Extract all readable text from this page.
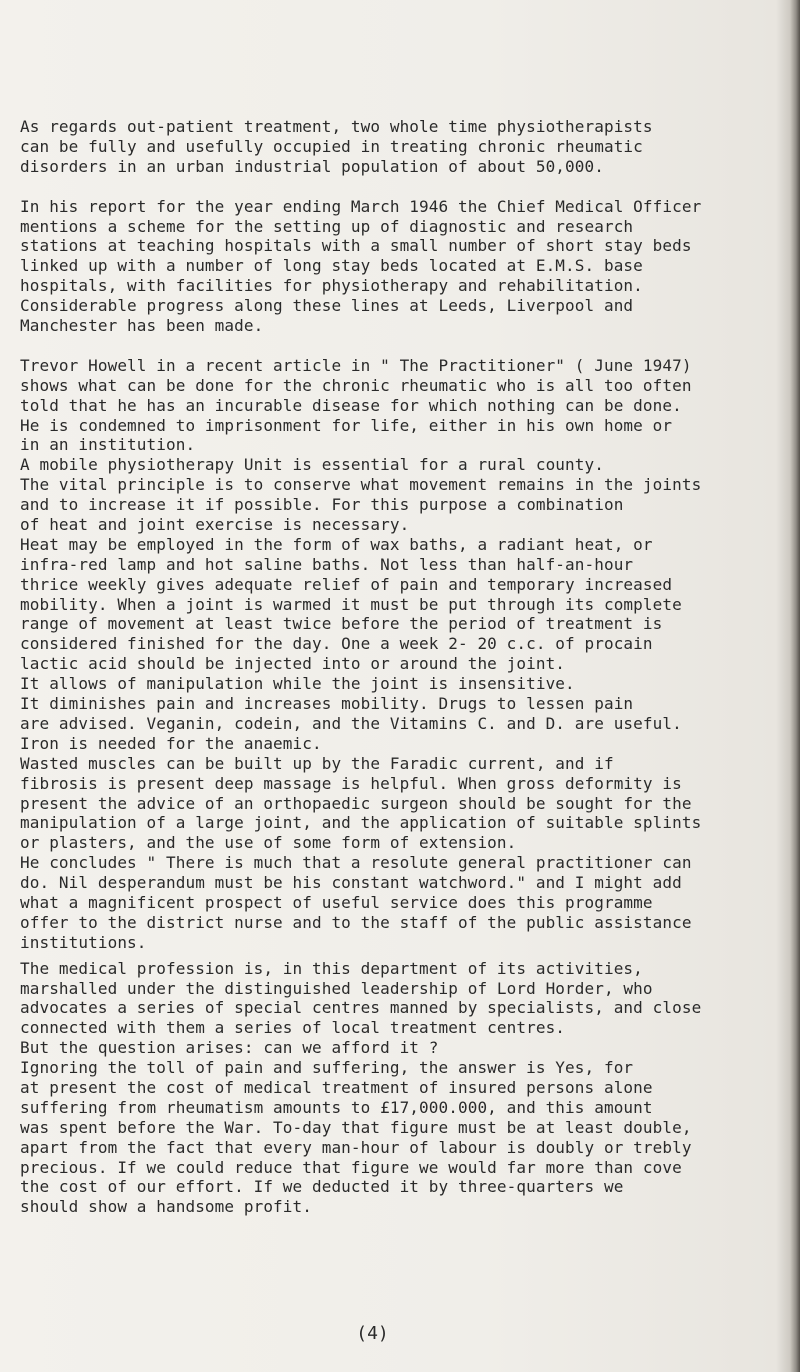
As regards out-patient treatment, two whole time physiotherapists
can be fully and usefully occupied in treating chronic rheumatic
disorders in an urban industrial population of about 50,000.
In his report for the year ending March 1946 the Chief Medical Officer
mentions a scheme for the setting up of diagnostic and research
stations at teaching hospitals with a small number of short stay beds
linked up with a number of long stay beds located at E.M.S. base
hospitals, with facilities for physiotherapy and rehabilitation.
Considerable progress along these lines at Leeds, Liverpool and
Manchester has been made.
Trevor Howell in a recent article in " The Practitioner" ( June 1947)
shows what can be done for the chronic rheumatic who is all too often
told that he has an incurable disease for which nothing can be done.
He is condemned to imprisonment for life, either in his own home or
in an institution.
A mobile physiotherapy Unit is essential for a rural county.
The vital principle is to conserve what movement remains in the joints
and to increase it if possible. For this purpose a combination
of heat and joint exercise is necessary.
Heat may be employed in the form of wax baths, a radiant heat, or
infra-red lamp and hot saline baths. Not less than half-an-hour
thrice weekly gives adequate relief of pain and temporary increased
mobility. When a joint is warmed it must be put through its complete
range of movement at least twice before the period of treatment is
considered finished for the day. One a week 2- 20 c.c. of procain
lactic acid should be injected into or around the joint.
It allows of manipulation while the joint is insensitive.
It diminishes pain and increases mobility. Drugs to lessen pain
are advised. Veganin, codein, and the Vitamins C. and D. are useful.
Iron is needed for the anaemic.
Wasted muscles can be built up by the Faradic current, and if
fibrosis is present deep massage is helpful. When gross deformity is
present the advice of an orthopaedic surgeon should be sought for the
manipulation of a large joint, and the application of suitable splints
or plasters, and the use of some form of extension.
He concludes " There is much that a resolute general practitioner can
do. Nil desperandum must be his constant watchword." and I might add
what a magnificent prospect of useful service does this programme
offer to the district nurse and to the staff of the public assistance
institutions.
The medical profession is, in this department of its activities,
marshalled under the distinguished leadership of Lord Horder, who
advocates a series of special centres manned by specialists, and close
connected with them a series of local treatment centres.
But the question arises: can we afford it ?
Ignoring the toll of pain and suffering, the answer is Yes, for
at present the cost of medical treatment of insured persons alone
suffering from rheumatism amounts to £17,000.000, and this amount
was spent before the War. To-day that figure must be at least double,
apart from the fact that every man-hour of labour is doubly or trebly
precious. If we could reduce that figure we would far more than cove
the cost of our effort. If we deducted it by three-quarters we
should show a handsome profit.
(4)
